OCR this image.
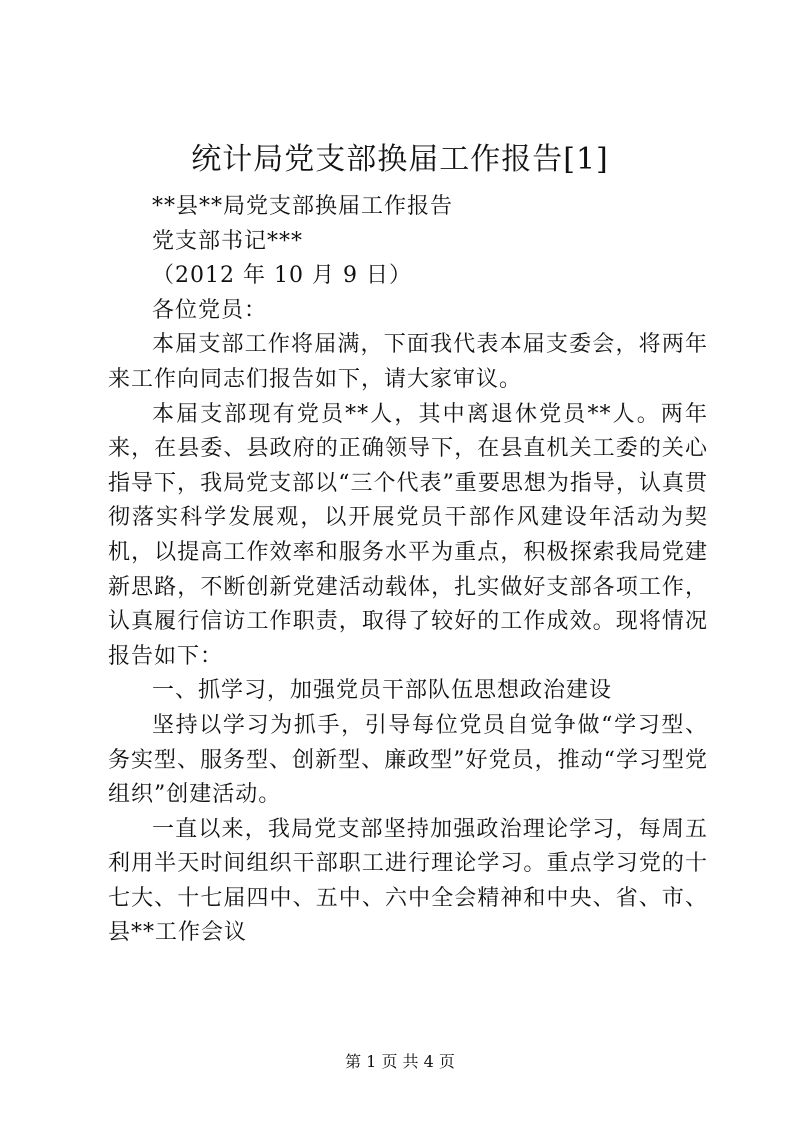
统计局党支部换届工作报告[1]

**县**局党支部换届工作报告

党支部书记***

（2012 年 10 月 9 日）

各位党员：

本届支部工作将届满，下面我代表本届支委会，将两年来工作向同志们报告如下，请大家审议。

本届支部现有党员**人，其中离退休党员**人。两年来，在县委、县政府的正确领导下，在县直机关工委的关心指导下，我局党支部以“三个代表”重要思想为指导，认真贯彻落实科学发展观，以开展党员干部作风建设年活动为契机，以提高工作效率和服务水平为重点，积极探索我局党建新思路，不断创新党建活动载体，扎实做好支部各项工作，认真履行信访工作职责，取得了较好的工作成效。现将情况报告如下：

一、抓学习，加强党员干部队伍思想政治建设

坚持以学习为抓手，引导每位党员自觉争做“学习型、务实型、服务型、创新型、廉政型”好党员，推动“学习型党组织”创建活动。

一直以来，我局党支部坚持加强政治理论学习，每周五利用半天时间组织干部职工进行理论学习。重点学习党的十七大、十七届四中、五中、六中全会精神和中央、省、市、县**工作会议

第 1 页 共 4 页
